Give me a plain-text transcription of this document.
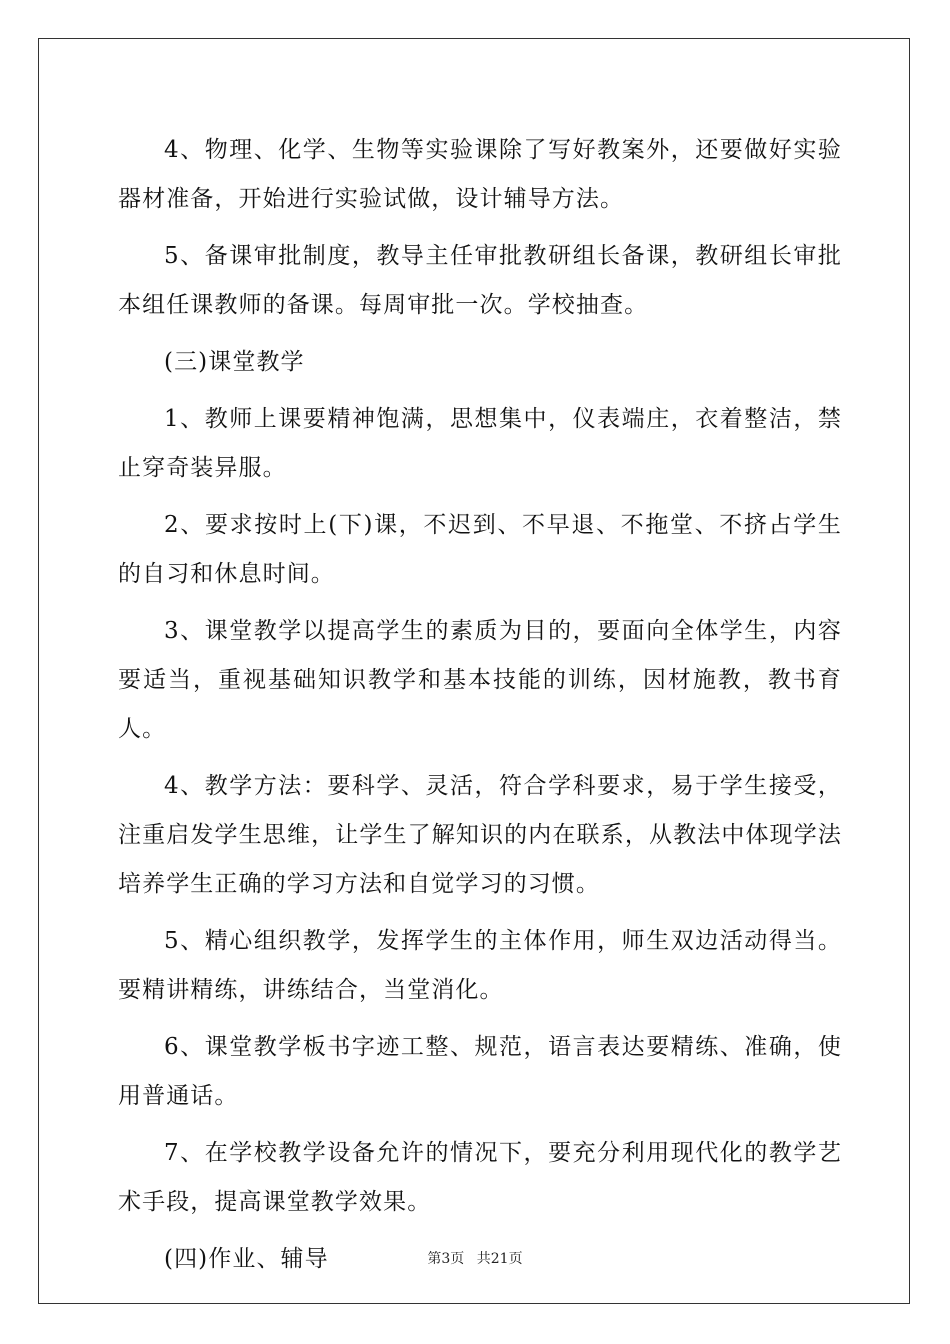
4、物理、化学、生物等实验课除了写好教案外，还要做好实验器材准备，开始进行实验试做，设计辅导方法。

5、备课审批制度，教导主任审批教研组长备课，教研组长审批本组任课教师的备课。每周审批一次。学校抽查。

(三)课堂教学

1、教师上课要精神饱满，思想集中，仪表端庄，衣着整洁，禁止穿奇装异服。

2、要求按时上(下)课，不迟到、不早退、不拖堂、不挤占学生的自习和休息时间。

3、课堂教学以提高学生的素质为目的，要面向全体学生，内容要适当，重视基础知识教学和基本技能的训练，因材施教，教书育人。

4、教学方法：要科学、灵活，符合学科要求，易于学生接受，注重启发学生思维，让学生了解知识的内在联系，从教法中体现学法培养学生正确的学习方法和自觉学习的习惯。

5、精心组织教学，发挥学生的主体作用，师生双边活动得当。要精讲精练，讲练结合，当堂消化。

6、课堂教学板书字迹工整、规范，语言表达要精练、准确，使用普通话。

7、在学校教学设备允许的情况下，要充分利用现代化的教学艺术手段，提高课堂教学效果。

(四)作业、辅导	第3页 共21页
